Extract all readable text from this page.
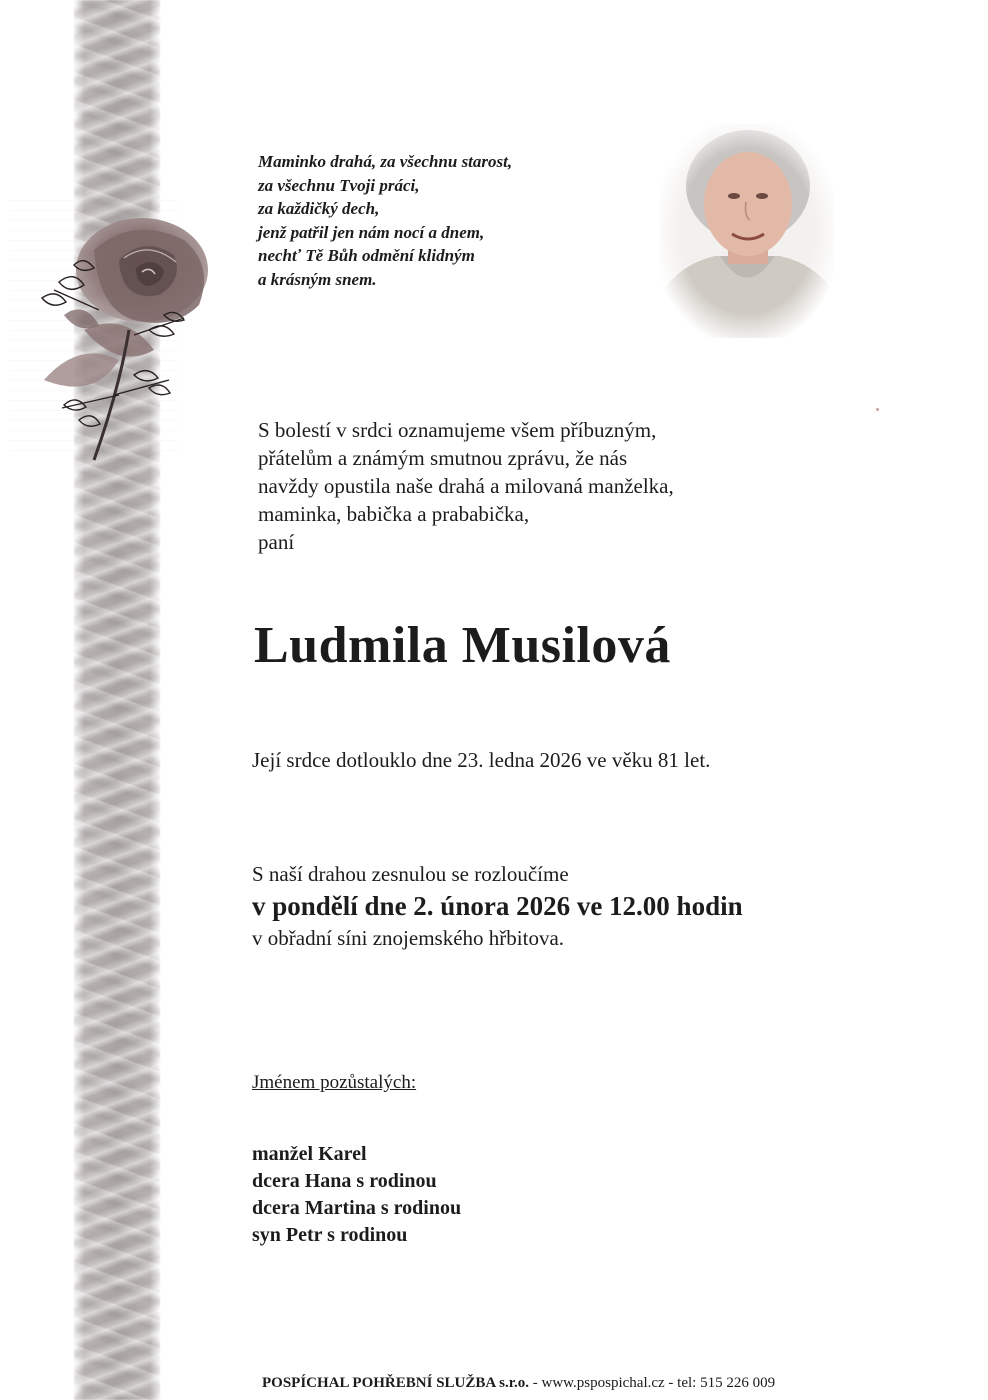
Maminko drahá, za všechnu starost,
za všechnu Tvoji práci,
za každičký dech,
jenž patřil jen nám nocí a dnem,
nechť Tě Bůh odmění klidným
a krásným snem.
S bolestí v srdci oznamujeme všem příbuzným,
přátelům a známým smutnou zprávu, že nás
navždy opustila naše drahá a milovaná manželka,
maminka, babička a prababička,
paní
Ludmila Musilová
Její srdce dotlouklo dne 23. ledna 2026 ve věku 81 let.
S naší drahou zesnulou se rozloučíme
v pondělí dne 2. února 2026 ve 12.00 hodin
v obřadní síni znojemského hřbitova.
Jménem pozůstalých:
manžel Karel
dcera Hana s rodinou
dcera Martina s rodinou
syn Petr s rodinou
POSPÍCHAL POHŘEBNÍ SLUŽBA s.r.o. - www.pspospichal.cz - tel: 515 226 009
